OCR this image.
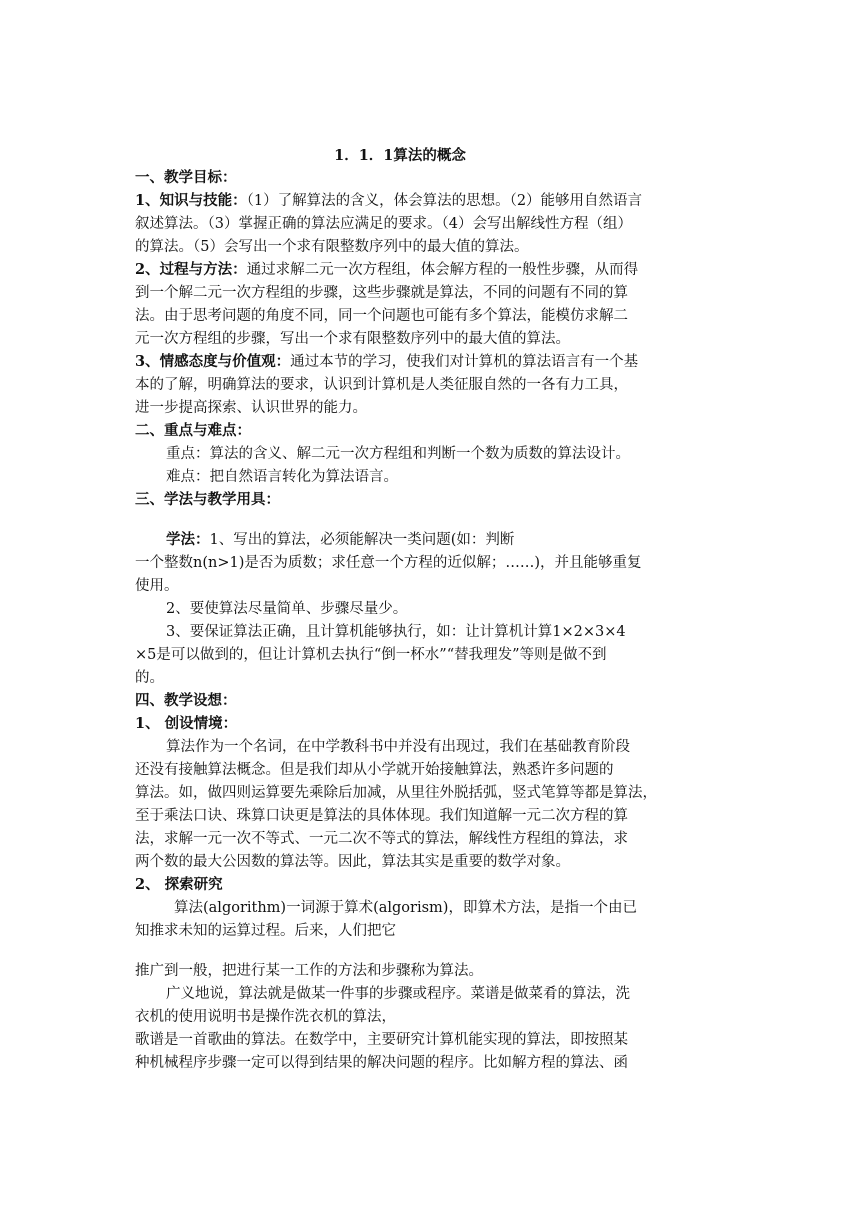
1．1．1算法的概念
一、教学目标：
1、知识与技能：（1）了解算法的含义，体会算法的思想。（2）能够用自然语言
叙述算法。（3）掌握正确的算法应满足的要求。（4）会写出解线性方程（组）
的算法。（5）会写出一个求有限整数序列中的最大值的算法。
2、过程与方法：通过求解二元一次方程组，体会解方程的一般性步骤，从而得
到一个解二元一次方程组的步骤，这些步骤就是算法，不同的问题有不同的算
法。由于思考问题的角度不同，同一个问题也可能有多个算法，能模仿求解二
元一次方程组的步骤，写出一个求有限整数序列中的最大值的算法。
3、情感态度与价值观：通过本节的学习，使我们对计算机的算法语言有一个基
本的了解，明确算法的要求，认识到计算机是人类征服自然的一各有力工具，
进一步提高探索、认识世界的能力。
二、重点与难点：
重点：算法的含义、解二元一次方程组和判断一个数为质数的算法设计。
难点：把自然语言转化为算法语言。
三、学法与教学用具：
学法：1、写出的算法，必须能解决一类问题(如：判断
一个整数n(n>1)是否为质数；求任意一个方程的近似解；……)，并且能够重复
使用。
2、要使算法尽量简单、步骤尽量少。
3、要保证算法正确，且计算机能够执行，如：让计算机计算1×2×3×4
×5是可以做到的，但让计算机去执行“倒一杯水”“替我理发”等则是做不到
的。
四、教学设想：
1、 创设情境：
算法作为一个名词，在中学教科书中并没有出现过，我们在基础教育阶段
还没有接触算法概念。但是我们却从小学就开始接触算法，熟悉许多问题的
算法。如，做四则运算要先乘除后加减，从里往外脱括弧，竖式笔算等都是算法，
至于乘法口诀、珠算口诀更是算法的具体体现。我们知道解一元二次方程的算
法，求解一元一次不等式、一元二次不等式的算法，解线性方程组的算法，求
两个数的最大公因数的算法等。因此，算法其实是重要的数学对象。
2、 探索研究
算法(algorithm)一词源于算术(algorism)，即算术方法，是指一个由已
知推求未知的运算过程。后来，人们把它
推广到一般，把进行某一工作的方法和步骤称为算法。
广义地说，算法就是做某一件事的步骤或程序。菜谱是做菜肴的算法，洗
衣机的使用说明书是操作洗衣机的算法，
歌谱是一首歌曲的算法。在数学中，主要研究计算机能实现的算法，即按照某
种机械程序步骤一定可以得到结果的解决问题的程序。比如解方程的算法、函
